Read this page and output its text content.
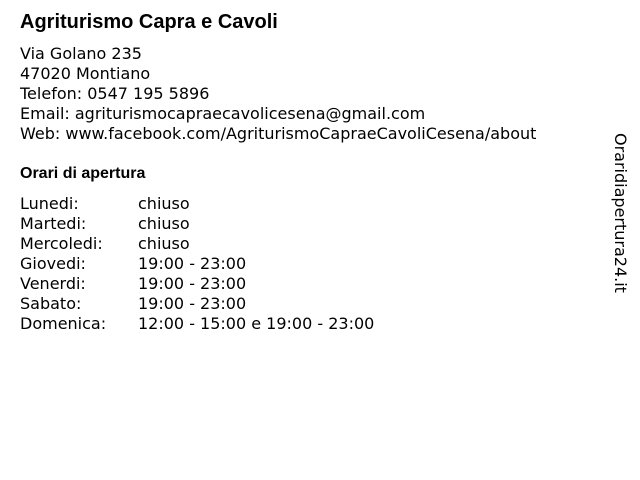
Agriturismo Capra e Cavoli
Via Golano 235
47020 Montiano
Telefon: 0547 195 5896
Email: agriturismocapraecavolicesena@gmail.com
Web: www.facebook.com/AgriturismoCapraeCavoliCesena/about
Orari di apertura
Lunedi:	chiuso
Martedi:	chiuso
Mercoledi:	chiuso
Giovedi:	19:00 - 23:00
Venerdi:	19:00 - 23:00
Sabato:	19:00 - 23:00
Domenica:	12:00 - 15:00 e 19:00 - 23:00
Oraridiapertura24.it
